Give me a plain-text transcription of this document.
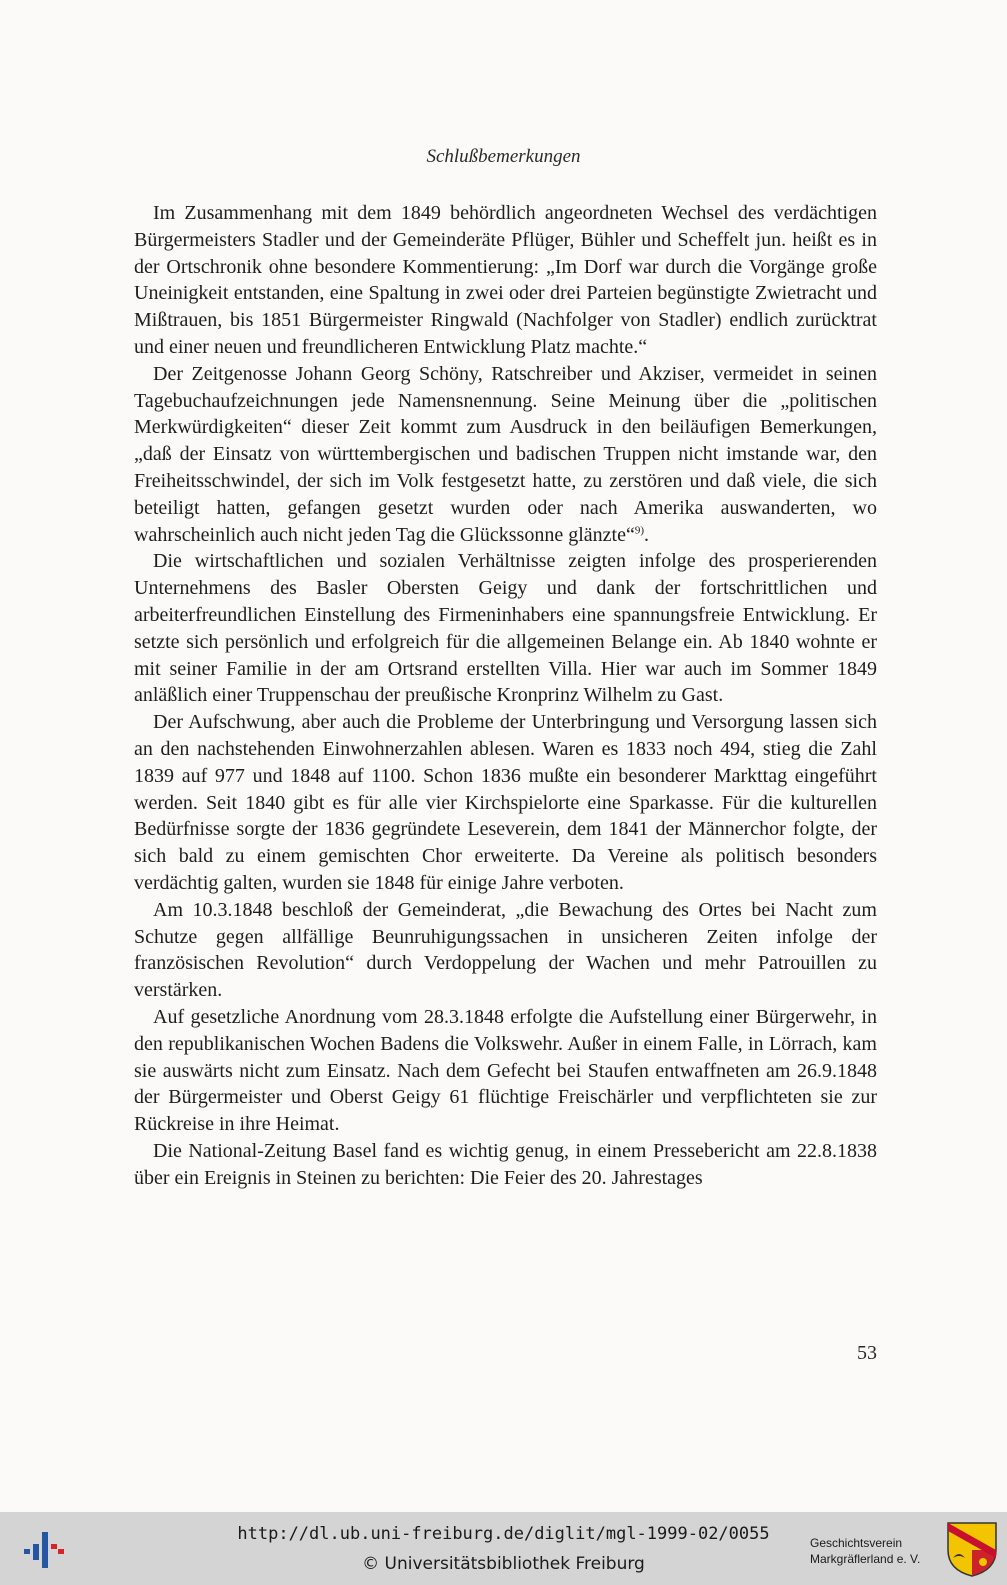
Schlußbemerkungen

Im Zusammenhang mit dem 1849 behördlich angeordneten Wechsel des verdächtigen Bürgermeisters Stadler und der Gemeinderäte Pflüger, Bühler und Scheffelt jun. heißt es in der Ortschronik ohne besondere Kommentierung: „Im Dorf war durch die Vorgänge große Uneinigkeit entstanden, eine Spaltung in zwei oder drei Parteien begünstigte Zwietracht und Mißtrauen, bis 1851 Bürgermeister Ringwald (Nachfolger von Stadler) endlich zurücktrat und einer neuen und freundlicheren Entwicklung Platz machte.“

Der Zeitgenosse Johann Georg Schöny, Ratschreiber und Akziser, vermeidet in seinen Tagebuchaufzeichnungen jede Namensnennung. Seine Meinung über die „politischen Merkwürdigkeiten“ dieser Zeit kommt zum Ausdruck in den beiläufigen Bemerkungen, „daß der Einsatz von württembergischen und badischen Truppen nicht imstande war, den Freiheitsschwindel, der sich im Volk festgesetzt hatte, zu zerstören und daß viele, die sich beteiligt hatten, gefangen gesetzt wurden oder nach Amerika auswanderten, wo wahrscheinlich auch nicht jeden Tag die Glückssonne glänzte“$^{9)}$.

Die wirtschaftlichen und sozialen Verhältnisse zeigten infolge des prosperierenden Unternehmens des Basler Obersten Geigy und dank der fortschrittlichen und arbeiterfreundlichen Einstellung des Firmeninhabers eine spannungsfreie Entwicklung. Er setzte sich persönlich und erfolgreich für die allgemeinen Belange ein. Ab 1840 wohnte er mit seiner Familie in der am Ortsrand erstellten Villa. Hier war auch im Sommer 1849 anläßlich einer Truppenschau der preußische Kronprinz Wilhelm zu Gast.

Der Aufschwung, aber auch die Probleme der Unterbringung und Versorgung lassen sich an den nachstehenden Einwohnerzahlen ablesen. Waren es 1833 noch 494, stieg die Zahl 1839 auf 977 und 1848 auf 1100. Schon 1836 mußte ein besonderer Markttag eingeführt werden. Seit 1840 gibt es für alle vier Kirchspielorte eine Sparkasse. Für die kulturellen Bedürfnisse sorgte der 1836 gegründete Leseverein, dem 1841 der Männerchor folgte, der sich bald zu einem gemischten Chor erweiterte. Da Vereine als politisch besonders verdächtig galten, wurden sie 1848 für einige Jahre verboten.

Am 10.3.1848 beschloß der Gemeinderat, „die Bewachung des Ortes bei Nacht zum Schutze gegen allfällige Beunruhigungssachen in unsicheren Zeiten infolge der französischen Revolution“ durch Verdoppelung der Wachen und mehr Patrouillen zu verstärken.

Auf gesetzliche Anordnung vom 28.3.1848 erfolgte die Aufstellung einer Bürgerwehr, in den republikanischen Wochen Badens die Volkswehr. Außer in einem Falle, in Lörrach, kam sie auswärts nicht zum Einsatz. Nach dem Gefecht bei Staufen entwaffneten am 26.9.1848 der Bürgermeister und Oberst Geigy 61 flüchtige Freischärler und verpflichteten sie zur Rückreise in ihre Heimat.

Die National-Zeitung Basel fand es wichtig genug, in einem Pressebericht am 22.8.1838 über ein Ereignis in Steinen zu berichten: Die Feier des 20. Jahrestages

53
http://dl.ub.uni-freiburg.de/diglit/mgl-1999-02/0055
© Universitätsbibliothek Freiburg
Geschichtsverein
Markgräflerland e. V.
